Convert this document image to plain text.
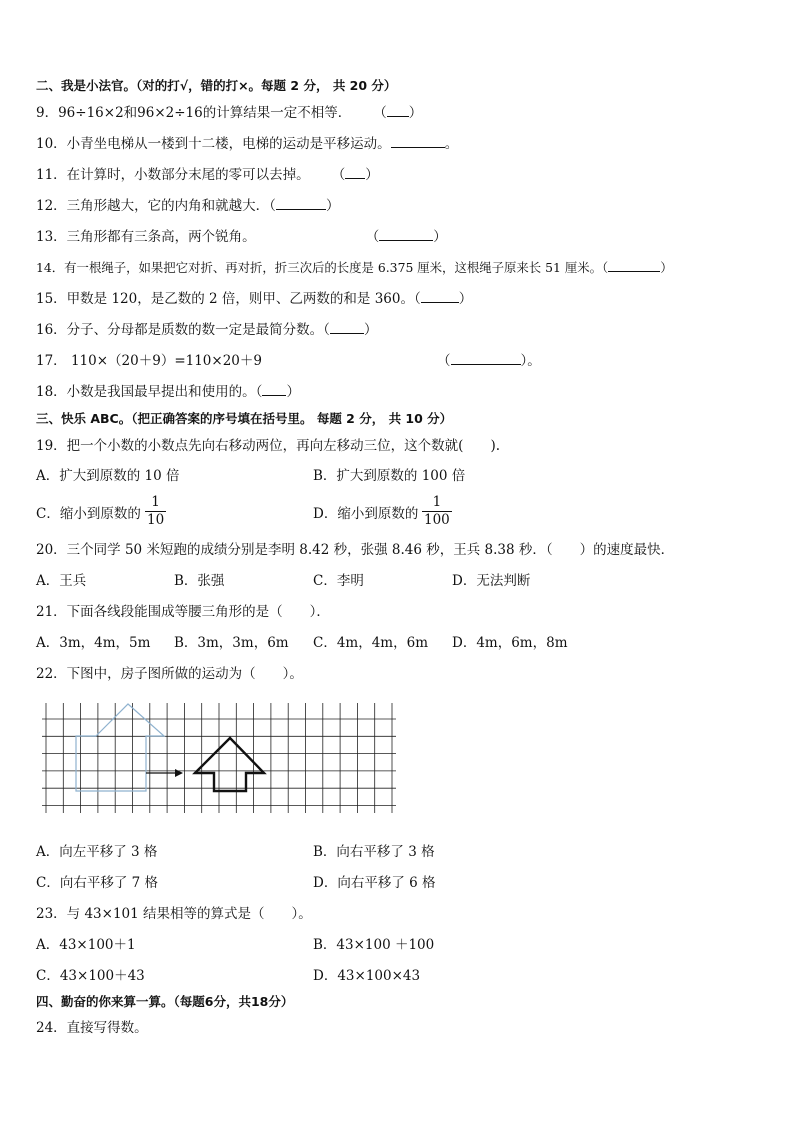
二、我是小法官。（对的打√，错的打×。每题 2 分， 共 20 分）
9．96÷16×2和96×2÷16的计算结果一定不相等． （ ）
10．小青坐电梯从一楼到十二楼，电梯的运动是平移运动。	。
11．在计算时，小数部分末尾的零可以去掉。 （ ）
12．三角形越大，它的内角和就越大．（	）
13．三角形都有三条高，两个锐角。	（	）
14．有一根绳子，如果把它对折、再对折，折三次后的长度是 6.375 厘米，这根绳子原来长 51 厘米。（	）
15．甲数是 120，是乙数的 2 倍，则甲、乙两数的和是 360。（	）
16．分子、分母都是质数的数一定是最简分数。（	）
17． 110×（20＋9）=110×20＋9	（	）。
18．小数是我国最早提出和使用的。（ ）
三、快乐 ABC。（把正确答案的序号填在括号里。 每题 2 分， 共 10 分）
19．把一个小数的小数点先向右移动两位，再向左移动三位，这个数就(　　).
A．扩大到原数的 10 倍	B．扩大到原数的 100 倍
C．缩小到原数的 $\frac{1}{10}$	D．缩小到原数的 $\frac{1}{100}$
20．三个同学 50 米短跑的成绩分别是李明 8.42 秒，张强 8.46 秒，王兵 8.38 秒．（　　）的速度最快．
A．王兵	B．张强	C．李明	D．无法判断
21．下面各线段能围成等腰三角形的是（　　）．
A．3m，4m，5m B．3m，3m，6m C．4m，4m，6m D．4m，6m，8m
22．下图中，房子图所做的运动为（　　）。
A．向左平移了 3 格	B．向右平移了 3 格
C．向右平移了 7 格	D．向右平移了 6 格
23．与 43×101 结果相等的算式是（　　）。
A．43×100＋1	B．43×100 ＋100
C．43×100＋43	D．43×100×43
四、勤奋的你来算一算。（每题6分，共18分）
24．直接写得数。
